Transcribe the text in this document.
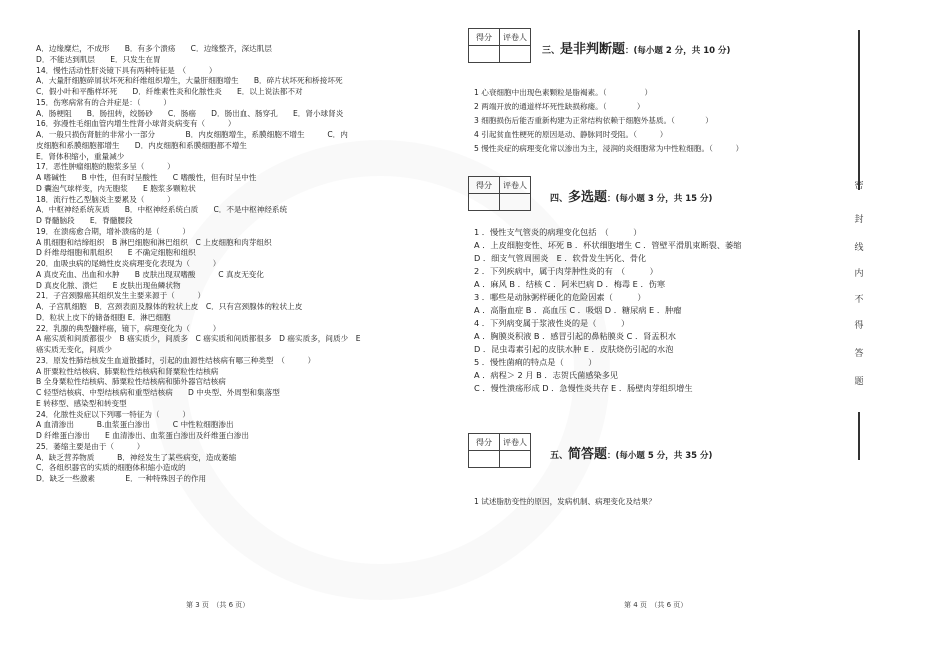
A．边缘糜烂，不成形　　B．有多个溃疡　　C．边缘整齐，深达肌层
D．不能达到肌层　　E．只发生在胃
14．慢性活动性肝炎镜下具有两种特征是　（　　　）
A．大量肝细胞碎屑状坏死和纤维组织增生，大量肝细胞增生　　B．碎片状坏死和桥接坏死
C．假小叶和平酯样坏死　　D．纤维素性炎和化脓性炎　　E．以上说法都不对
15．伤寒病常有的合并症是：（　　　）
A．肠梗阻　　B．肠扭转，绞肠砂　　C．肠癌　　D．肠出血、肠穿孔　　E．肾小球肾炎
16．弥漫性毛细血管内增生性肾小球肾炎病变有（　　　）
A．一般只损伤肾脏的非常小一部分　　　　B．内皮细胞增生，系膜细胞不增生　　　C．内
皮细胞和系膜细胞都增生　　D．内皮细胞和系膜细胞都不增生
E．肾体积缩小，重量减少
17．恶性肿瘤细胞的胞浆多呈（　　　）
A 嗜碱性　　B 中性，但有时呈酸性　　C 嗜酸性，但有时呈中性
D 囊泡气球样变，内无胞浆　　E 胞浆多颗粒状
18．流行性乙型脑炎主要累及（　　　）
A．中枢神经系统灰质　　B．中枢神经系统白质　　C．不是中枢神经系统
D 脊髓脑段　　E．脊髓腰段
19．在溃疡愈合期，增补溃疡的是（　　　）
A 肌细胞和结缔组织　B 淋巴细胞和淋巴组织　C 上皮细胞和肉芽组织
D 纤维母细胞和肌组织　　E 不确定细胞和组织
20．血吸虫病的尾蚴性皮炎病理变化表现为（　　　）
A 真皮充血、出血和水肿　　B 皮肤出现双嗜酸　　　C 真皮无变化
D 真皮化脓、溃烂　　E 皮肤出现鱼鳞状物
21．子宫颈腺癌其组织发生主要来源于（　　　）
A．子宫肌细胞　B．宫颈表面及腺体的粒状上皮　C．只有宫颈腺体的粒状上皮
D．粒状上皮下的储备细胞 E．淋巴细胞
22．乳腺的典型髓样癌，镜下，病理变化为（　　　）
A 癌实质和间质都很少　B 癌实质少，间质多　C 癌实质和间质都很多　D 癌实质多，间质少　E
癌实质无变化，间质少
23．原发性肺结核发生血道散播时，引起的血源性结核病有哪三种类型　（　　　）
A 肝粟粒性结核病、肺粟粒性结核病和肾粟粒性结核病
B 全身粟粒性结核病、肺粟粒性结核病和肺外器官结核病
C 轻型结核病、中型结核病和重型结核病　　D 中央型、外周型和集落型
E 转移型、感染型和转变型
24．化脓性炎症以下列哪一特征为（　　　）
A 血清渗出　　　B.血浆蛋白渗出　　　C 中性粒细胞渗出
D 纤维蛋白渗出　　E 血清渗出、血浆蛋白渗出及纤维蛋白渗出
25．萎缩主要是由于（　　　）
A．缺乏营养物质　　　B．神经发生了某些病变，造成萎缩
C．各组织器官的实质的细胞体积缩小造成的
D．缺乏一些激素　　　　E．一种特殊因子的作用
第 3 页　（共 6 页）
得分	评卷人

三、是非判断题：(每小题 2 分，共 10 分)
1 心衰细胞中出现色素颗粒是脂褐素。（　　　　　）
2 两端开放的通道样坏死性缺损称瘘。（　　　　）
3 细胞损伤后能否重新构建为正常结构依赖于细胞外基质。（　　　　）
4 引起贫血性梗死的原因是动、静脉同时受阻。（　　　）
5 慢性炎症的病理变化常以渗出为主，浸润的炎细胞常为中性粒细胞。（　　　）
得分	评卷人

四、多选题：(每小题 3 分，共 15 分)
1 ．慢性支气管炎的病理变化包括　（　　　）
A ．上皮细胞变性、坏死 B ．杯状细胞增生 C ．管壁平滑肌束断裂、萎缩
D ．细支气管周围炎　E ．软骨发生钙化、骨化
2 ．下列疾病中，属于肉芽肿性炎的有　（　　　）
A ．麻风 B ．结核 C ．阿米巴病 D ．梅毒 E ．伤寒
3 ．哪些是动脉粥样硬化的危险因素（　　　）
A ．高脂血症 B ．高血压 C ．吸烟 D ．糖尿病 E ．肿瘤
4 ．下列病变属于浆液性炎的是（　　　）
A ．胸膜炎积液 B ．感冒引起的鼻粘膜炎 C ．肾盂积水
D ．昆虫毒素引起的皮肤水肿 E ．皮肤烧伤引起的水泡
5 ．慢性菌痢的特点是（　　　）
A ．病程＞ 2 月 B ．志贺氏菌感染多见
C ．慢性溃疡形成 D ．急慢性炎共存 E ．肠壁肉芽组织增生
得分	评卷人

五、简答题：(每小题 5 分，共 35 分)
1 试述脂肪变性的原因，发病机制、病理变化及结果？
第 4 页　（共 6 页）
密
封
线
内
不
得
答
题
